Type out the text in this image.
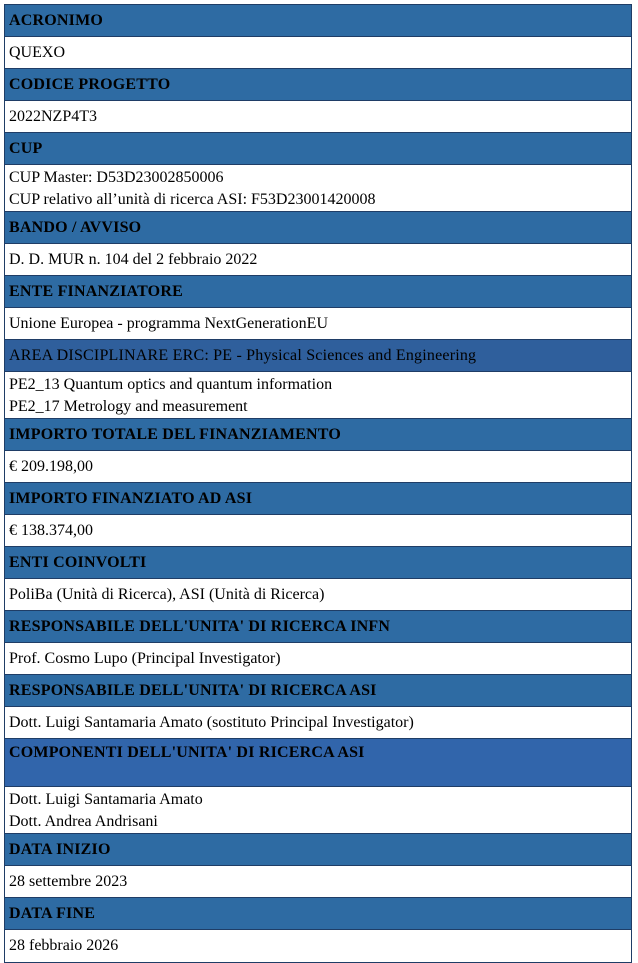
ACRONIMO
QUEXO
CODICE PROGETTO
2022NZP4T3
CUP
CUP Master: D53D23002850006
CUP relativo all’unità di ricerca ASI: F53D23001420008
BANDO / AVVISO
D. D. MUR n. 104 del 2 febbraio 2022
ENTE FINANZIATORE
Unione Europea - programma NextGenerationEU
AREA DISCIPLINARE ERC: PE - Physical Sciences and Engineering
PE2_13 Quantum optics and quantum information
PE2_17 Metrology and measurement
IMPORTO TOTALE DEL FINANZIAMENTO
€ 209.198,00
IMPORTO FINANZIATO AD ASI
€ 138.374,00
ENTI COINVOLTI
PoliBa (Unità di Ricerca), ASI (Unità di Ricerca)
RESPONSABILE DELL'UNITA' DI RICERCA INFN
Prof. Cosmo Lupo (Principal Investigator)
RESPONSABILE DELL'UNITA' DI RICERCA ASI
Dott. Luigi Santamaria Amato (sostituto Principal Investigator)
COMPONENTI DELL'UNITA' DI RICERCA ASI
Dott. Luigi Santamaria Amato
Dott. Andrea Andrisani
DATA INIZIO
28 settembre 2023
DATA FINE
28 febbraio 2026
